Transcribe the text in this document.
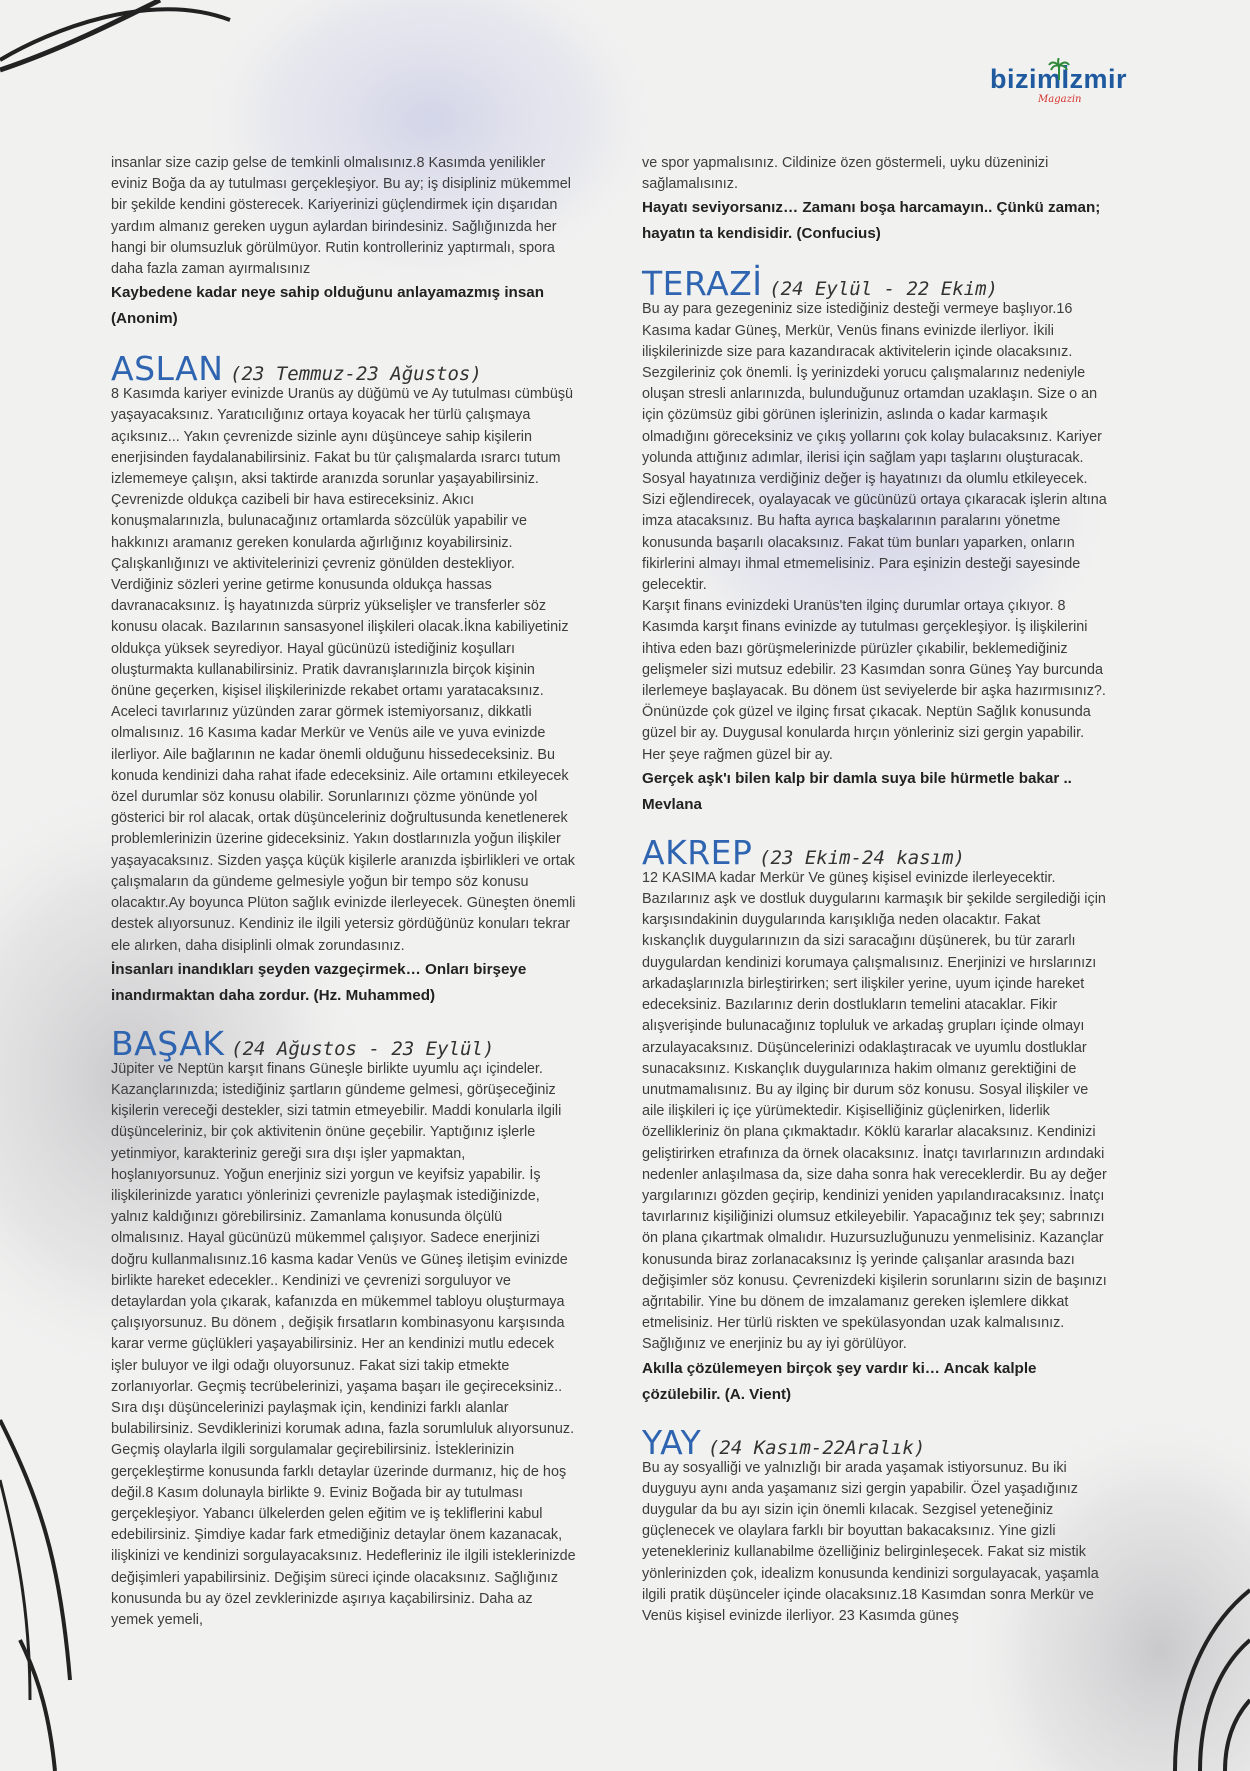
bizimİzmir
Magazin

insanlar size cazip gelse de temkinli olmalısınız.8 Kasımda yenilikler eviniz Boğa da ay tutulması gerçekleşiyor. Bu ay; iş disipliniz mükemmel bir şekilde kendini gösterecek. Kariyerinizi güçlendirmek için dışarıdan yardım almanız gereken uygun aylardan birindesiniz. Sağlığınızda her hangi bir olumsuzluk görülmüyor. Rutin kontrolleriniz yaptırmalı, spora daha fazla zaman ayırmalısınız

Kaybedene kadar neye sahip olduğunu anlayamazmış insan (Anonim)

ASLAN (23 Temmuz-23 Ağustos)

8 Kasımda kariyer evinizde Uranüs ay düğümü ve Ay tutulması cümbüşü yaşayacaksınız. Yaratıcılığınız ortaya koyacak her türlü çalışmaya açıksınız... Yakın çevrenizde sizinle aynı düşünceye sahip kişilerin enerjisinden faydalanabilirsiniz. Fakat bu tür çalışmalarda ısrarcı tutum izlememeye çalışın, aksi taktirde aranızda sorunlar yaşayabilirsiniz. Çevrenizde oldukça cazibeli bir hava estireceksiniz. Akıcı konuşmalarınızla, bulunacağınız ortamlarda sözcülük yapabilir ve hakkınızı aramanız gereken konularda ağırlığınız koyabilirsiniz. Çalışkanlığınızı ve aktivitelerinizi çevreniz gönülden destekliyor. Verdiğiniz sözleri yerine getirme konusunda oldukça hassas davranacaksınız. İş hayatınızda sürpriz yükselişler ve transferler söz konusu olacak. Bazılarının sansasyonel ilişkileri olacak.İkna kabiliyetiniz oldukça yüksek seyrediyor. Hayal gücünüzü istediğiniz koşulları oluşturmakta kullanabilirsiniz. Pratik davranışlarınızla birçok kişinin önüne geçerken, kişisel ilişkilerinizde rekabet ortamı yaratacaksınız. Aceleci tavırlarınız yüzünden zarar görmek istemiyorsanız, dikkatli olmalısınız. 16 Kasıma kadar Merkür ve Venüs aile ve yuva evinizde ilerliyor. Aile bağlarının ne kadar önemli olduğunu hissedeceksiniz. Bu konuda kendinizi daha rahat ifade edeceksiniz. Aile ortamını etkileyecek özel durumlar söz konusu olabilir. Sorunlarınızı çözme yönünde yol gösterici bir rol alacak, ortak düşünceleriniz doğrultusunda kenetlenerek problemlerinizin üzerine gideceksiniz. Yakın dostlarınızla yoğun ilişkiler yaşayacaksınız. Sizden yaşça küçük kişilerle aranızda işbirlikleri ve ortak çalışmaların da gündeme gelmesiyle yoğun bir tempo söz konusu olacaktır.Ay boyunca Plüton sağlık evinizde ilerleyecek. Güneşten önemli destek alıyorsunuz. Kendiniz ile ilgili yetersiz gördüğünüz konuları tekrar ele alırken, daha disiplinli olmak zorundasınız.

İnsanları inandıkları şeyden vazgeçirmek… Onları birşeye inandırmaktan daha zordur. (Hz. Muhammed)

BAŞAK (24 Ağustos - 23 Eylül)

Jüpiter ve Neptün karşıt finans Güneşle birlikte uyumlu açı içindeler. Kazançlarınızda; istediğiniz şartların gündeme gelmesi, görüşeceğiniz kişilerin vereceği destekler, sizi tatmin etmeyebilir. Maddi konularla ilgili düşünceleriniz, bir çok aktivitenin önüne geçebilir. Yaptığınız işlerle yetinmiyor, karakteriniz gereği sıra dışı işler yapmaktan, hoşlanıyorsunuz. Yoğun enerjiniz sizi yorgun ve keyifsiz yapabilir. İş ilişkilerinizde yaratıcı yönlerinizi çevrenizle paylaşmak istediğinizde, yalnız kaldığınızı görebilirsiniz. Zamanlama konusunda ölçülü olmalısınız. Hayal gücünüzü mükemmel çalışıyor. Sadece enerjinizi doğru kullanmalısınız.16 kasma kadar Venüs ve Güneş iletişim evinizde birlikte hareket edecekler.. Kendinizi ve çevrenizi sorguluyor ve detaylardan yola çıkarak, kafanızda en mükemmel tabloyu oluşturmaya çalışıyorsunuz. Bu dönem , değişik fırsatların kombinasyonu karşısında karar verme güçlükleri yaşayabilirsiniz. Her an kendinizi mutlu edecek işler buluyor ve ilgi odağı oluyorsunuz. Fakat sizi takip etmekte zorlanıyorlar. Geçmiş tecrübelerinizi, yaşama başarı ile geçireceksiniz.. Sıra dışı düşüncelerinizi paylaşmak için, kendinizi farklı alanlar bulabilirsiniz. Sevdiklerinizi korumak adına, fazla sorumluluk alıyorsunuz. Geçmiş olaylarla ilgili sorgulamalar geçirebilirsiniz. İsteklerinizin gerçekleştirme konusunda farklı detaylar üzerinde durmanız, hiç de hoş değil.8 Kasım dolunayla birlikte 9. Eviniz Boğada bir ay tutulması gerçekleşiyor. Yabancı ülkelerden gelen eğitim ve iş tekliflerini kabul edebilirsiniz. Şimdiye kadar fark etmediğiniz detaylar önem kazanacak, ilişkinizi ve kendinizi sorgulayacaksınız. Hedefleriniz ile ilgili isteklerinizde değişimleri yapabilirsiniz. Değişim süreci içinde olacaksınız. Sağlığınız konusunda bu ay özel zevklerinizde aşırıya kaçabilirsiniz. Daha az yemek yemeli,

ve spor yapmalısınız. Cildinize özen göstermeli, uyku düzeninizi sağlamalısınız.

Hayatı seviyorsanız… Zamanı boşa harcamayın.. Çünkü zaman; hayatın ta kendisidir. (Confucius)

TERAZİ (24 Eylül - 22 Ekim)

Bu ay para gezegeniniz size istediğiniz desteği vermeye başlıyor.16 Kasıma kadar Güneş, Merkür, Venüs finans evinizde ilerliyor. İkili ilişkilerinizde size para kazandıracak aktivitelerin içinde olacaksınız. Sezgileriniz çok önemli. İş yerinizdeki yorucu çalışmalarınız nedeniyle oluşan stresli anlarınızda, bulunduğunuz ortamdan uzaklaşın. Size o an için çözümsüz gibi görünen işlerinizin, aslında o kadar karmaşık olmadığını göreceksiniz ve çıkış yollarını çok kolay bulacaksınız. Kariyer yolunda attığınız adımlar, ilerisi için sağlam yapı taşlarını oluşturacak. Sosyal hayatınıza verdiğiniz değer iş hayatınızı da olumlu etkileyecek. Sizi eğlendirecek, oyalayacak ve gücünüzü ortaya çıkaracak işlerin altına imza atacaksınız. Bu hafta ayrıca başkalarının paralarını yönetme konusunda başarılı olacaksınız. Fakat tüm bunları yaparken, onların fikirlerini almayı ihmal etmemelisiniz. Para eşinizin desteği sayesinde gelecektir.
Karşıt finans evinizdeki Uranüs'ten ilginç durumlar ortaya çıkıyor. 8 Kasımda karşıt finans evinizde ay tutulması gerçekleşiyor. İş ilişkilerini ihtiva eden bazı görüşmelerinizde pürüzler çıkabilir, beklemediğiniz gelişmeler sizi mutsuz edebilir. 23 Kasımdan sonra Güneş Yay burcunda ilerlemeye başlayacak. Bu dönem üst seviyelerde bir aşka hazırmısınız?. Önünüzde çok güzel ve ilginç fırsat çıkacak. Neptün Sağlık konusunda güzel bir ay. Duygusal konularda hırçın yönleriniz sizi gergin yapabilir. Her şeye rağmen güzel bir ay.

Gerçek aşk'ı bilen kalp bir damla suya bile hürmetle bakar .. Mevlana

AKREP (23 Ekim-24 kasım)

12 KASIMA kadar Merkür Ve güneş kişisel evinizde ilerleyecektir. Bazılarınız aşk ve dostluk duygularını karmaşık bir şekilde sergilediği için karşısındakinin duygularında karışıklığa neden olacaktır. Fakat kıskançlık duygularınızın da sizi saracağını düşünerek, bu tür zararlı duygulardan kendinizi korumaya çalışmalısınız. Enerjinizi ve hırslarınızı arkadaşlarınızla birleştirirken; sert ilişkiler yerine, uyum içinde hareket edeceksiniz. Bazılarınız derin dostlukların temelini atacaklar. Fikir alışverişinde bulunacağınız topluluk ve arkadaş grupları içinde olmayı arzulayacaksınız. Düşüncelerinizi odaklaştıracak ve uyumlu dostluklar sunacaksınız. Kıskançlık duygularınıza hakim olmanız gerektiğini de unutmamalısınız. Bu ay ilginç bir durum söz konusu. Sosyal ilişkiler ve aile ilişkileri iç içe yürümektedir. Kişiselliğiniz güçlenirken, liderlik özellikleriniz ön plana çıkmaktadır. Köklü kararlar alacaksınız. Kendinizi geliştirirken etrafınıza da örnek olacaksınız. İnatçı tavırlarınızın ardındaki nedenler anlaşılmasa da, size daha sonra hak vereceklerdir. Bu ay değer yargılarınızı gözden geçirip, kendinizi yeniden yapılandıracaksınız. İnatçı tavırlarınız kişiliğinizi olumsuz etkileyebilir. Yapacağınız tek şey; sabrınızı ön plana çıkartmak olmalıdır. Huzursuzluğunuzu yenmelisiniz. Kazançlar konusunda biraz zorlanacaksınız İş yerinde çalışanlar arasında bazı değişimler söz konusu. Çevrenizdeki kişilerin sorunlarını sizin de başınızı ağrıtabilir. Yine bu dönem de imzalamanız gereken işlemlere dikkat etmelisiniz. Her türlü riskten ve spekülasyondan uzak kalmalısınız. Sağlığınız ve enerjiniz bu ay iyi görülüyor.

Akılla çözülemeyen birçok şey vardır ki… Ancak kalple çözülebilir. (A. Vient)

YAY (24 Kasım-22Aralık)

Bu ay sosyalliği ve yalnızlığı bir arada yaşamak istiyorsunuz. Bu iki duyguyu aynı anda yaşamanız sizi gergin yapabilir. Özel yaşadığınız duygular da bu ayı sizin için önemli kılacak. Sezgisel yeteneğiniz güçlenecek ve olaylara farklı bir boyuttan bakacaksınız. Yine gizli yetenekleriniz kullanabilme özelliğiniz belirginleşecek. Fakat siz mistik yönlerinizden çok, idealizm konusunda kendinizi sorgulayacak, yaşamla ilgili pratik düşünceler içinde olacaksınız.18 Kasımdan sonra Merkür ve Venüs kişisel evinizde ilerliyor. 23 Kasımda güneş
